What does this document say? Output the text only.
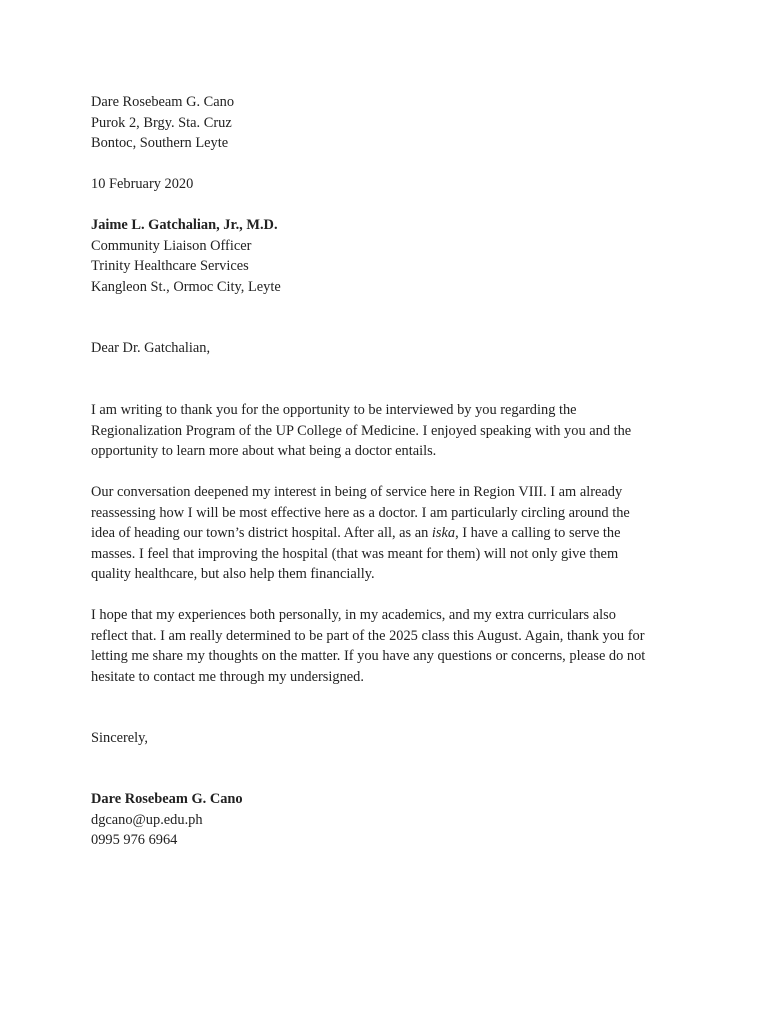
Dare Rosebeam G. Cano
Purok 2, Brgy. Sta. Cruz
Bontoc, Southern Leyte
10 February 2020
Jaime L. Gatchalian, Jr., M.D.
Community Liaison Officer
Trinity Healthcare Services
Kangleon St., Ormoc City, Leyte
Dear Dr. Gatchalian,
I am writing to thank you for the opportunity to be interviewed by you regarding the
Regionalization Program of the UP College of Medicine. I enjoyed speaking with you and the
opportunity to learn more about what being a doctor entails.
Our conversation deepened my interest in being of service here in Region VIII. I am already
reassessing how I will be most effective here as a doctor. I am particularly circling around the
idea of heading our town’s district hospital. After all, as an iska, I have a calling to serve the
masses. I feel that improving the hospital (that was meant for them) will not only give them
quality healthcare, but also help them financially.
I hope that my experiences both personally, in my academics, and my extra curriculars also
reflect that. I am really determined to be part of the 2025 class this August. Again, thank you for
letting me share my thoughts on the matter. If you have any questions or concerns, please do not
hesitate to contact me through my undersigned.
Sincerely,
Dare Rosebeam G. Cano
dgcano@up.edu.ph
0995 976 6964
